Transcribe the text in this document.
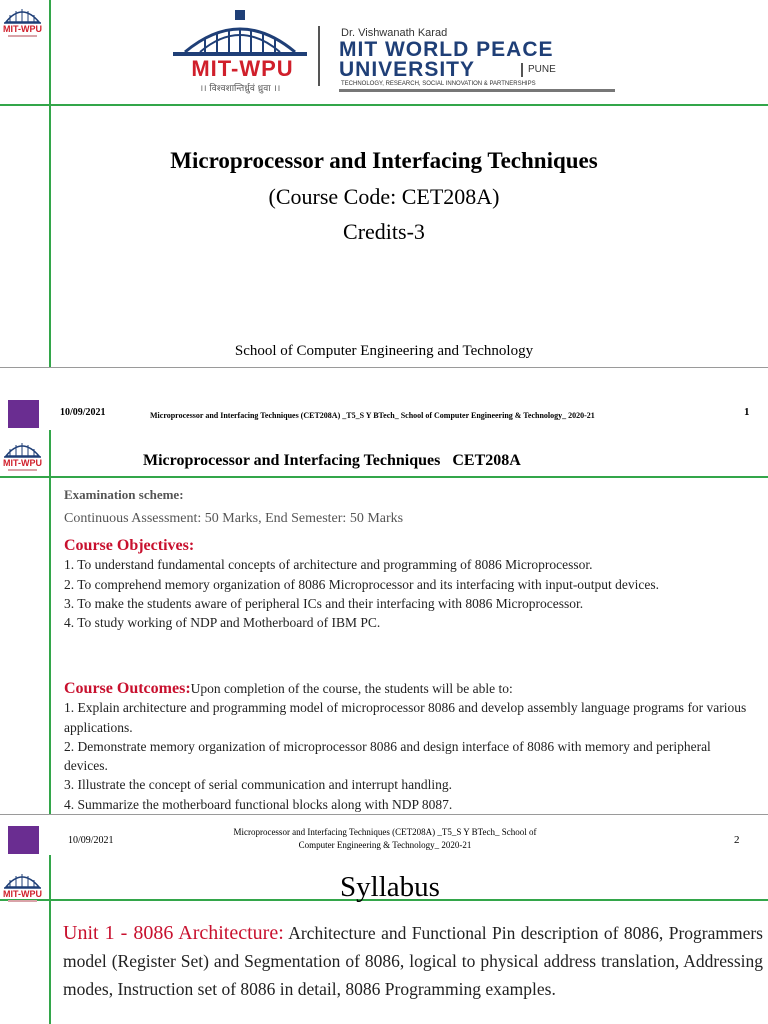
MIT-WPU
MIT-WPU
।। विश्वशान्तिर्ध्रुवं ध्रुवा ।।
Dr. Vishwanath Karad
MIT WORLD PEACE
UNIVERSITY	PUNE
TECHNOLOGY, RESEARCH, SOCIAL INNOVATION & PARTNERSHIPS
Microprocessor and Interfacing Techniques
(Course Code: CET208A)
Credits-3
School of Computer Engineering and Technology
10/09/2021	Microprocessor and Interfacing Techniques (CET208A) _T5_S Y BTech_ School of Computer Engineering & Technology_ 2020-21	1
MIT-WPU	Microprocessor and Interfacing Techniques   CET208A
Examination scheme:
Continuous Assessment: 50 Marks, End Semester: 50 Marks
Course Objectives:

1. To understand fundamental concepts of architecture and programming of 8086 Microprocessor.

2. To comprehend memory organization of 8086 Microprocessor and its interfacing with input-output devices.

3. To make the students aware of peripheral ICs and their interfacing with 8086 Microprocessor.

4. To study working of NDP and Motherboard of IBM PC.

Course Outcomes:Upon completion of the course, the students will be able to:

1. Explain architecture and programming model of microprocessor 8086 and develop assembly language programs for various applications.

2. Demonstrate memory organization of microprocessor 8086 and design interface of 8086 with memory and peripheral devices.

3. Illustrate the concept of serial communication and interrupt handling.

4. Summarize the motherboard functional blocks along with NDP 8087.

10/09/2021
Microprocessor and Interfacing Techniques (CET208A) _T5_S Y BTech_ School of
Computer Engineering & Technology_ 2020-21	2
MIT-WPU	Syllabus
Unit 1 - 8086 Architecture: Architecture and Functional Pin description of 8086, Programmers model (Register Set) and Segmentation of 8086, logical to physical address translation, Addressing modes, Instruction set of 8086 in detail, 8086 Programming examples.
